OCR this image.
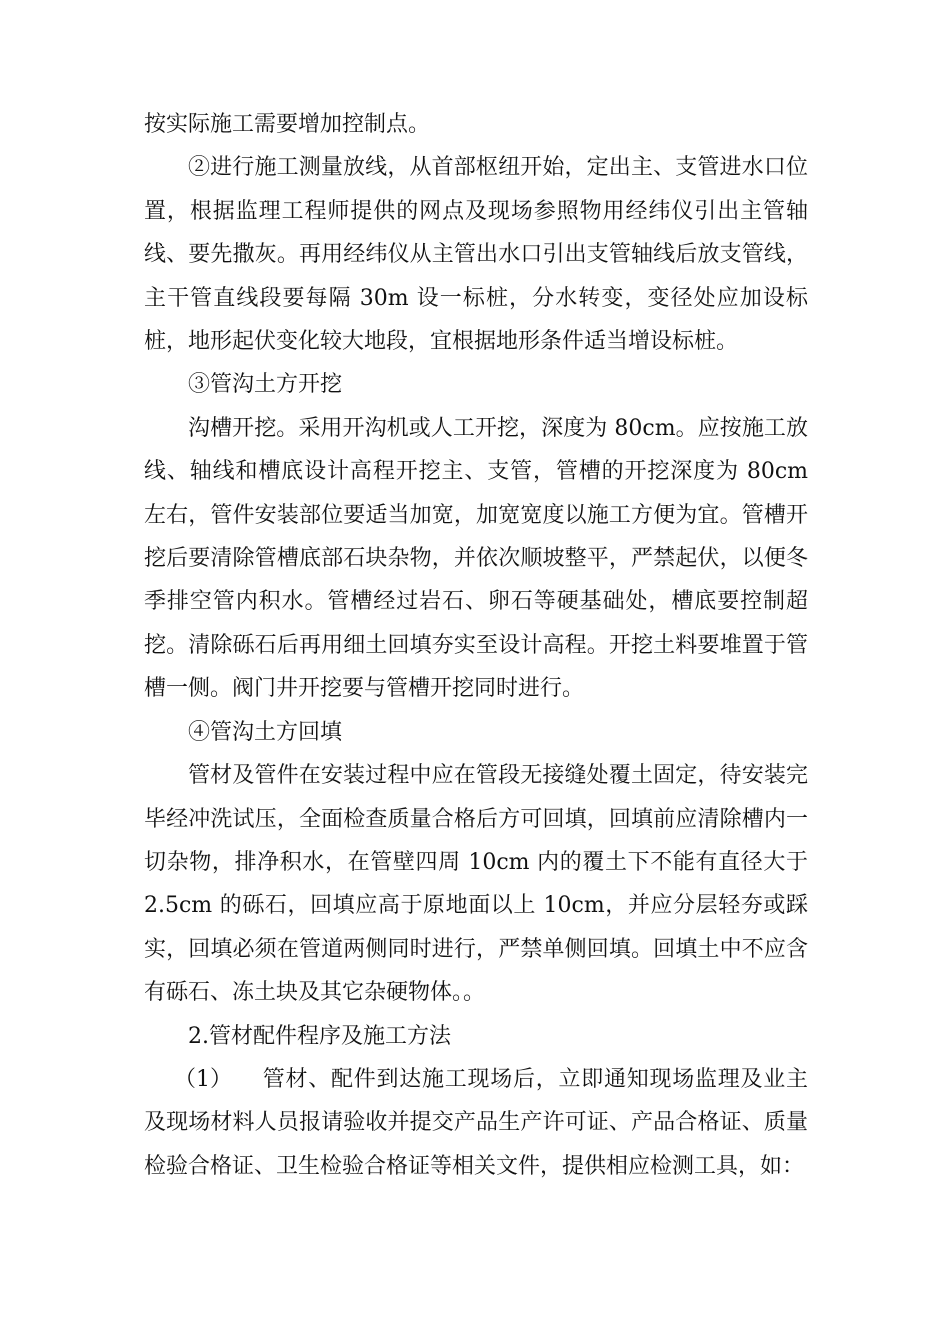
按实际施工需要增加控制点。

②进行施工测量放线，从首部枢纽开始，定出主、支管进水口位置，根据监理工程师提供的网点及现场参照物用经纬仪引出主管轴线、要先撒灰。再用经纬仪从主管出水口引出支管轴线后放支管线，主干管直线段要每隔 30m 设一标桩，分水转变，变径处应加设标桩，地形起伏变化较大地段，宜根据地形条件适当增设标桩。

③管沟土方开挖

沟槽开挖。采用开沟机或人工开挖，深度为 80cm。应按施工放线、轴线和槽底设计高程开挖主、支管，管槽的开挖深度为 80cm 左右，管件安装部位要适当加宽，加宽宽度以施工方便为宜。管槽开挖后要清除管槽底部石块杂物，并依次顺坡整平，严禁起伏，以便冬季排空管内积水。管槽经过岩石、卵石等硬基础处，槽底要控制超挖。清除砾石后再用细土回填夯实至设计高程。开挖土料要堆置于管槽一侧。阀门井开挖要与管槽开挖同时进行。

④管沟土方回填

管材及管件在安装过程中应在管段无接缝处覆土固定，待安装完毕经冲洗试压，全面检查质量合格后方可回填，回填前应清除槽内一切杂物，排净积水，在管壁四周 10cm 内的覆土下不能有直径大于 2.5cm 的砾石，回填应高于原地面以上 10cm，并应分层轻夯或踩实，回填必须在管道两侧同时进行，严禁单侧回填。回填土中不应含有砾石、冻土块及其它杂硬物体。。

2.管材配件程序及施工方法

（1） 管材、配件到达施工现场后，立即通知现场监理及业主及现场材料人员报请验收并提交产品生产许可证、产品合格证、质量检验合格证、卫生检验合格证等相关文件，提供相应检测工具，如：
